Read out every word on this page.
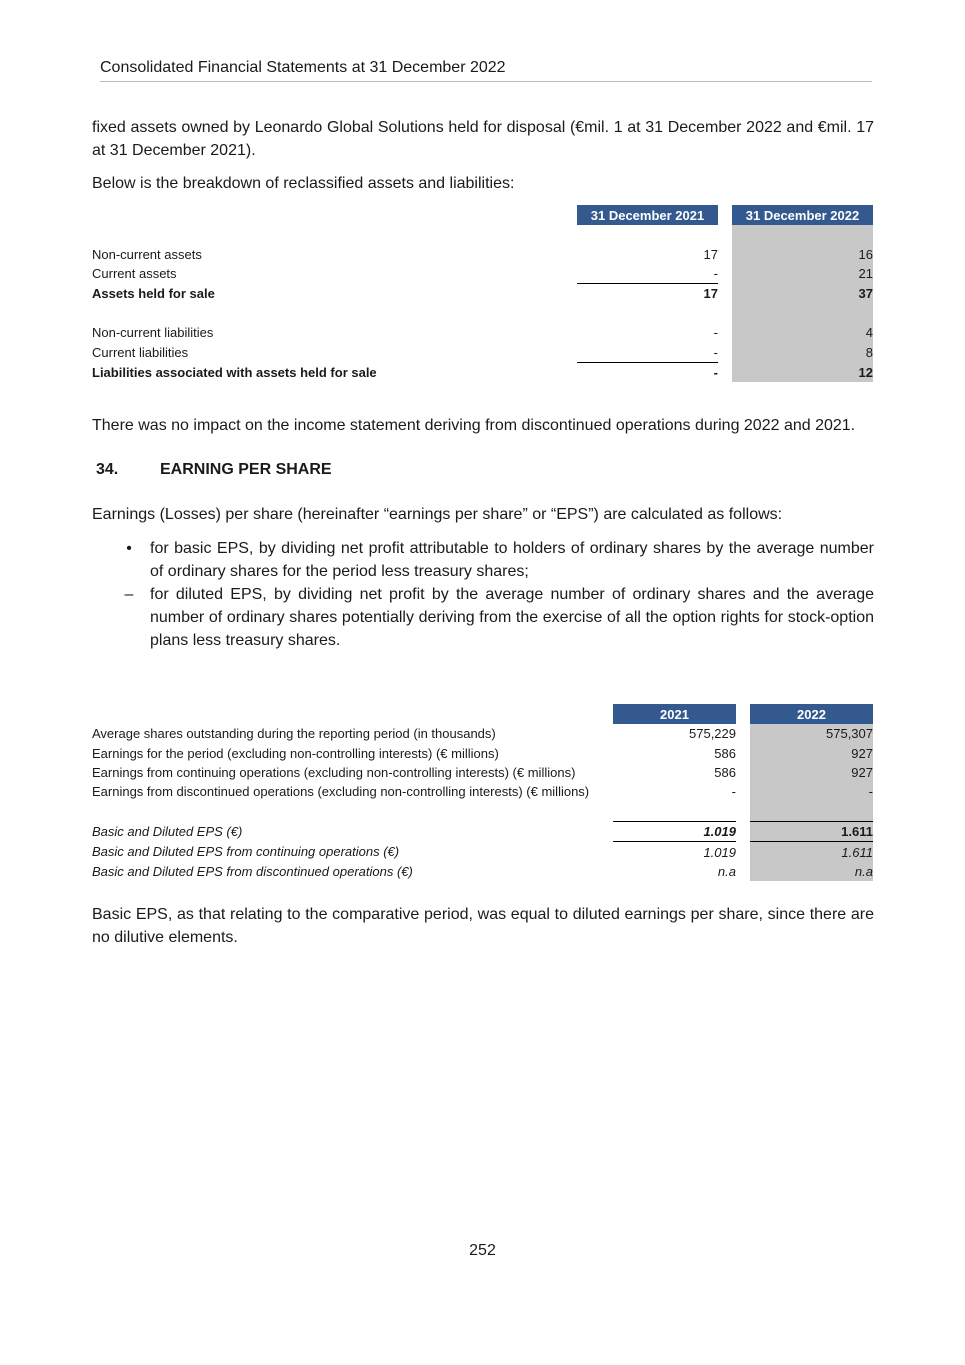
Consolidated Financial Statements at 31 December 2022

fixed assets owned by Leonardo Global Solutions held for disposal (€mil. 1 at 31 December 2022 and €mil. 17 at 31 December 2021).

Below is the breakdown of reclassified assets and liabilities:

	31 December 2021		31 December 2022

Non-current assets	17		16
Current assets	-		21
Assets held for sale	17		37

Non-current liabilities	-		4
Current liabilities	-		8
Liabilities associated with assets held for sale	-		12

There was no impact on the income statement deriving from discontinued operations during 2022 and 2021.

34.	EARNING PER SHARE

Earnings (Losses) per share (hereinafter “earnings per share” or “EPS”) are calculated as follows:

•	for basic EPS, by dividing net profit attributable to holders of ordinary shares by the average number of ordinary shares for the period less treasury shares;
– for diluted EPS, by dividing net profit by the average number of ordinary shares and the average number of ordinary shares potentially deriving from the exercise of all the option rights for stock-option plans less treasury shares.
	2021		2022
Average shares outstanding during the reporting period (in thousands)	575,229		575,307
Earnings for the period (excluding non-controlling interests) (€ millions)	586		927
Earnings from continuing operations (excluding non-controlling interests) (€ millions)	586		927
Earnings from discontinued operations (excluding non-controlling interests) (€ millions)	-		-

Basic and Diluted EPS (€)	1.019		1.611
Basic and Diluted EPS from continuing operations (€)	1.019		1.611
Basic and Diluted EPS from discontinued operations (€)	n.a		n.a

Basic EPS, as that relating to the comparative period, was equal to diluted earnings per share, since there are no dilutive elements.

252
